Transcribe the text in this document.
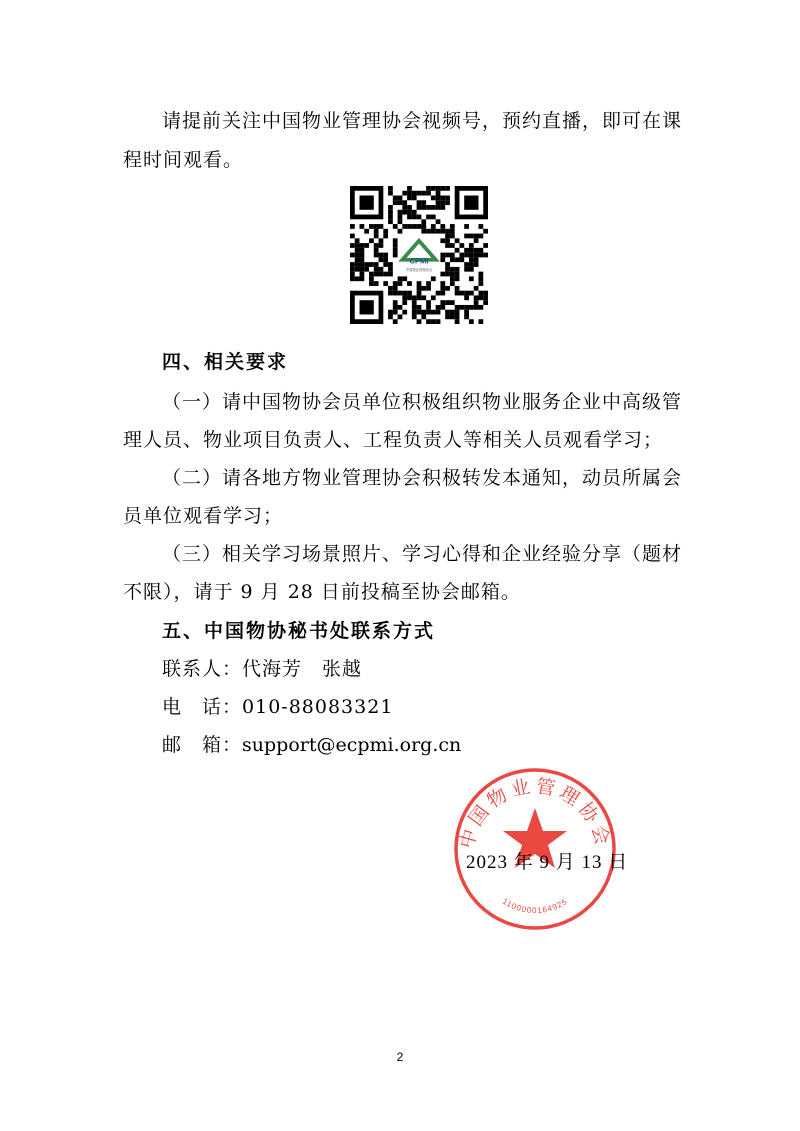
请提前关注中国物业管理协会视频号，预约直播，即可在课

程时间观看。

CPMI

四、相关要求

（一）请中国物协会员单位积极组织物业服务企业中高级管

理人员、物业项目负责人、工程负责人等相关人员观看学习；

（二）请各地方物业管理协会积极转发本通知，动员所属会

员单位观看学习；

（三）相关学习场景照片、学习心得和企业经验分享（题材

不限），请于 9 月 28 日前投稿至协会邮箱。

五、中国物协秘书处联系方式

联系人：代海芳　张越

电　话：010-88083321

邮　箱：support@ecpmi.org.cn

中国物业管理协会
1100000164925
2023 年 9 月 13 日
2
